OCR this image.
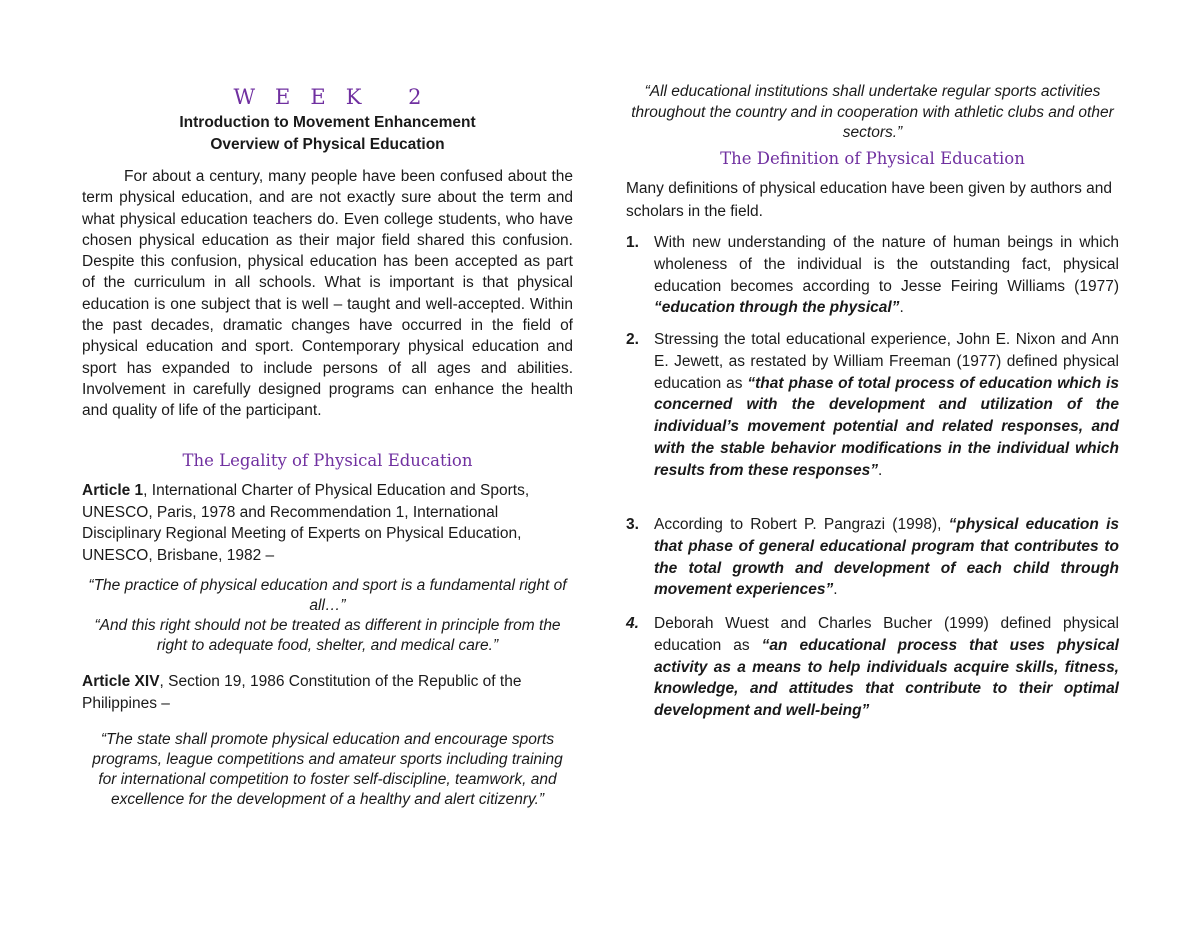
W   E   E   K       2
Introduction to Movement Enhancement
Overview of Physical Education

For about a century, many people have been confused about the term physical education, and are not exactly sure about the term and what physical education teachers do. Even college students, who have chosen physical education as their major field shared this confusion. Despite this confusion, physical education has been accepted as part of the curriculum in all schools. What is important is that physical education is one subject that is well – taught and well-accepted. Within the past decades, dramatic changes have occurred in the field of physical education and sport. Contemporary physical education and sport has expanded to include persons of all ages and abilities. Involvement in carefully designed programs can enhance the health and quality of life of the participant.

The Legality of Physical Education

Article 1, International Charter of Physical Education and Sports, UNESCO, Paris, 1978 and Recommendation 1, International Disciplinary Regional Meeting of Experts on Physical Education, UNESCO, Brisbane, 1982 –

“The practice of physical education and sport is a fundamental right of all…”

“And this right should not be treated as different in principle from the right to adequate food, shelter, and medical care.”

Article XIV, Section 19, 1986 Constitution of the Republic of the Philippines –

“The state shall promote physical education and encourage sports programs, league competitions and amateur sports including training for international competition to foster self-discipline, teamwork, and excellence for the development of a healthy and alert citizenry.”

“All educational institutions shall undertake regular sports activities throughout the country and in cooperation with athletic clubs and other sectors.”

The Definition of Physical Education

Many definitions of physical education have been given by authors and scholars in the field.

1. With new understanding of the nature of human beings in which wholeness of the individual is the outstanding fact, physical education becomes according to Jesse Feiring Williams (1977) “education through the physical”.

2. Stressing the total educational experience, John E. Nixon and Ann E. Jewett, as restated by William Freeman (1977) defined physical education as “that phase of total process of education which is concerned with the development and utilization of the individual’s movement potential and related responses, and with the stable behavior modifications in the individual which results from these responses”.

3. According to Robert P. Pangrazi (1998), “physical education is that phase of general educational program that contributes to the total growth and development of each child through movement experiences”.

4. Deborah Wuest and Charles Bucher (1999) defined physical education as “an educational process that uses physical activity as a means to help individuals acquire skills, fitness, knowledge, and attitudes that contribute to their optimal development and well-being”
